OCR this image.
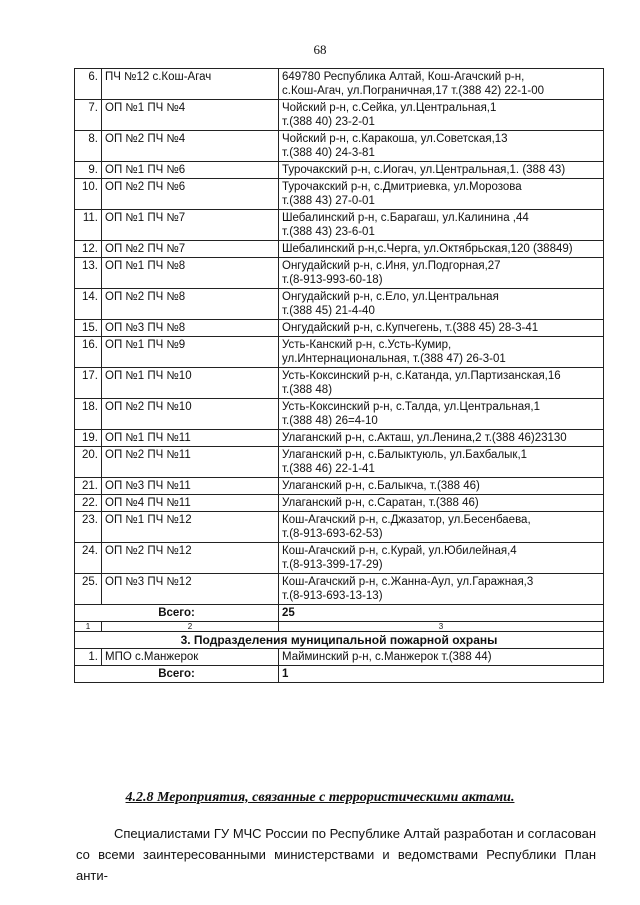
68
6.	ПЧ №12 с.Кош-Агач	649780 Республика Алтай, Кош-Агачский р-н,
с.Кош-Агач, ул.Пограничная,17 т.(388 42) 22-1-00

7.	ОП №1 ПЧ №4	Чойский р-н, с.Сейка, ул.Центральная,1
т.(388 40) 23-2-01

8.	ОП №2 ПЧ №4	Чойский р-н, с.Каракоша, ул.Советская,13
т.(388 40) 24-3-81

9.	ОП №1 ПЧ №6	Турочакский р-н, с.Иогач, ул.Центральная,1. (388 43)

10.	ОП №2 ПЧ №6	Турочакский р-н, с.Дмитриевка, ул.Морозова
т.(388 43) 27-0-01

11.	ОП №1 ПЧ №7	Шебалинский р-н, с.Барагаш, ул.Калинина ,44
т.(388 43) 23-6-01

12.	ОП №2 ПЧ №7	Шебалинский р-н,с.Черга, ул.Октябрьская,120 (38849)

13.	ОП №1 ПЧ №8	Онгудайский р-н, с.Иня, ул.Подгорная,27
т.(8-913-993-60-18)

14.	ОП №2 ПЧ №8	Онгудайский р-н, с.Ело, ул.Центральная
т.(388 45) 21-4-40

15.	ОП №3 ПЧ №8	Онгудайский р-н, с.Купчегень, т.(388 45) 28-3-41

16.	ОП №1 ПЧ №9	Усть-Канский р-н, с.Усть-Кумир,
ул.Интернациональная, т.(388 47) 26-3-01

17.	ОП №1 ПЧ №10	Усть-Коксинский р-н, с.Катанда, ул.Партизанская,16
т.(388 48)

18.	ОП №2 ПЧ №10	Усть-Коксинский р-н, с.Талда, ул.Центральная,1
т.(388 48) 26=4-10

19.	ОП №1 ПЧ №11	Улаганский р-н, с.Акташ, ул.Ленина,2 т.(388 46)23130

20.	ОП №2 ПЧ №11	Улаганский р-н, с.Балыктуюль, ул.Бахбалык,1
т.(388 46) 22-1-41

21.	ОП №3 ПЧ №11	Улаганский р-н, с.Балыкча, т.(388 46)

22.	ОП №4 ПЧ №11	Улаганский р-н, с.Саратан, т.(388 46)

23.	ОП №1 ПЧ №12	Кош-Агачский р-н, с.Джазатор, ул.Бесенбаева,
т.(8-913-693-62-53)

24.	ОП №2 ПЧ №12	Кош-Агачский р-н, с.Курай, ул.Юбилейная,4
т.(8-913-399-17-29)

25.	ОП №3 ПЧ №12	Кош-Агачский р-н, с.Жанна-Аул, ул.Гаражная,3
т.(8-913-693-13-13)

Всего:		25
1	2	3
3. Подразделения муниципальной пожарной охраны		
1.	МПО с.Манжерок	Майминский р-н, с.Манжерок т.(388 44)
Всего:		1
4.2.8 Мероприятия, связанные с террористическими актами.
Специалистами ГУ МЧС России по Республике Алтай разработан и согласован со всеми заинтересованными министерствами и ведомствами Республики План анти-
